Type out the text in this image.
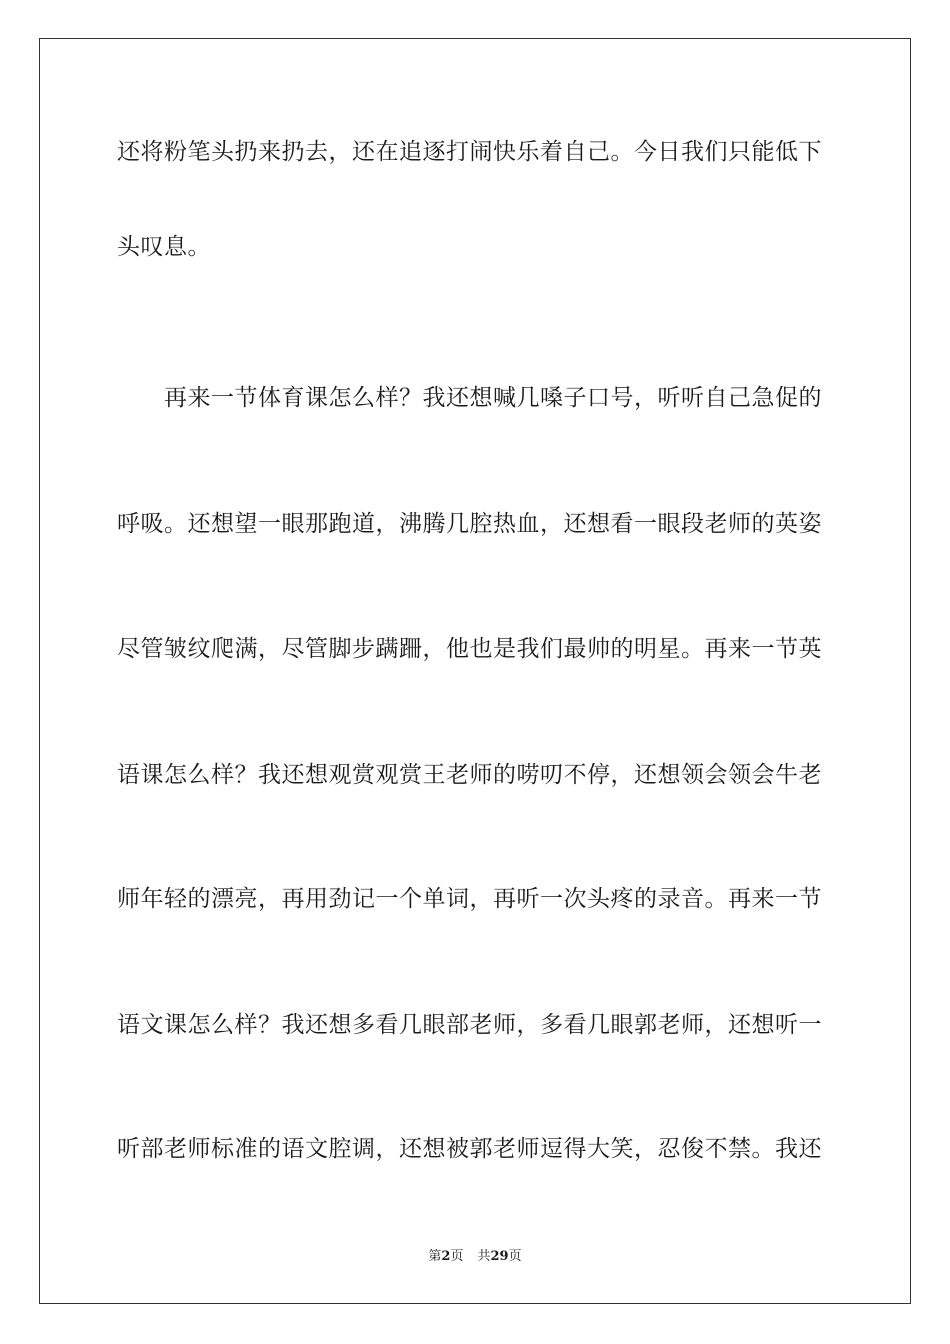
还将粉笔头扔来扔去，还在追逐打闹快乐着自己。今日我们只能低下
头叹息。
再来一节体育课怎么样？我还想喊几嗓子口号，听听自己急促的
呼吸。还想望一眼那跑道，沸腾几腔热血，还想看一眼段老师的英姿
尽管皱纹爬满，尽管脚步蹒跚，他也是我们最帅的明星。再来一节英
语课怎么样？我还想观赏观赏王老师的唠叨不停，还想领会领会牛老
师年轻的漂亮，再用劲记一个单词，再听一次头疼的录音。再来一节
语文课怎么样？我还想多看几眼部老师，多看几眼郭老师，还想听一
听部老师标准的语文腔调，还想被郭老师逗得大笑，忍俊不禁。我还
第2页 共29页
